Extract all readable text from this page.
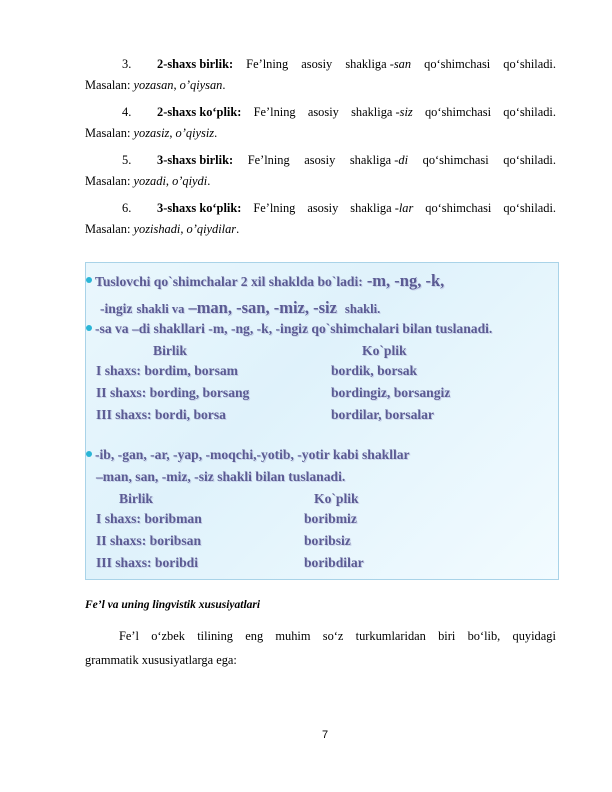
3. 2-shaxs birlik: Fe’lning asosiy shakliga -san qo‘shimchasi qo‘shiladi.
Masalan: yozasan, o’qiysan.
4. 2-shaxs ko‘plik: Fe’lning asosiy shakliga -siz qo‘shimchasi qo‘shiladi.
Masalan: yozasiz, o’qiysiz.
5. 3-shaxs birlik: Fe’lning asosiy shakliga -di qo‘shimchasi qo‘shiladi.
Masalan: yozadi, o’qiydi.
6. 3-shaxs ko‘plik: Fe’lning asosiy shakliga -lar qo‘shimchasi qo‘shiladi.
Masalan: yozishadi, o’qiydilar.
Tuslovchi qo`shimchalar 2 xil shaklda bo`ladi: -m, -ng, -k,
-ingiz shakli va –man, -san, -miz, -siz shakli.
-sa va –di shakllari -m, -ng, -k, -ingiz qo`shimchalari bilan tuslanadi.
Birlik	Ko`plik
I shaxs: bordim, borsam	bordik, borsak
II shaxs: bording, borsang	bordingiz, borsangiz
III shaxs: bordi, borsa	bordilar, borsalar
-ib, -gan, -ar, -yap, -moqchi,-yotib, -yotir kabi shakllar
–man, san, -miz, -siz shakli bilan tuslanadi.
Birlik	Ko`plik
I shaxs: boribman	boribmiz
II shaxs: boribsan	boribsiz
III shaxs: boribdi	boribdilar
Fe’l va uning lingvistik xususiyatlari
Fe’l o‘zbek tilining eng muhim so‘z turkumlaridan biri bo‘lib, quyidagi
grammatik xususiyatlarga ega:
7
